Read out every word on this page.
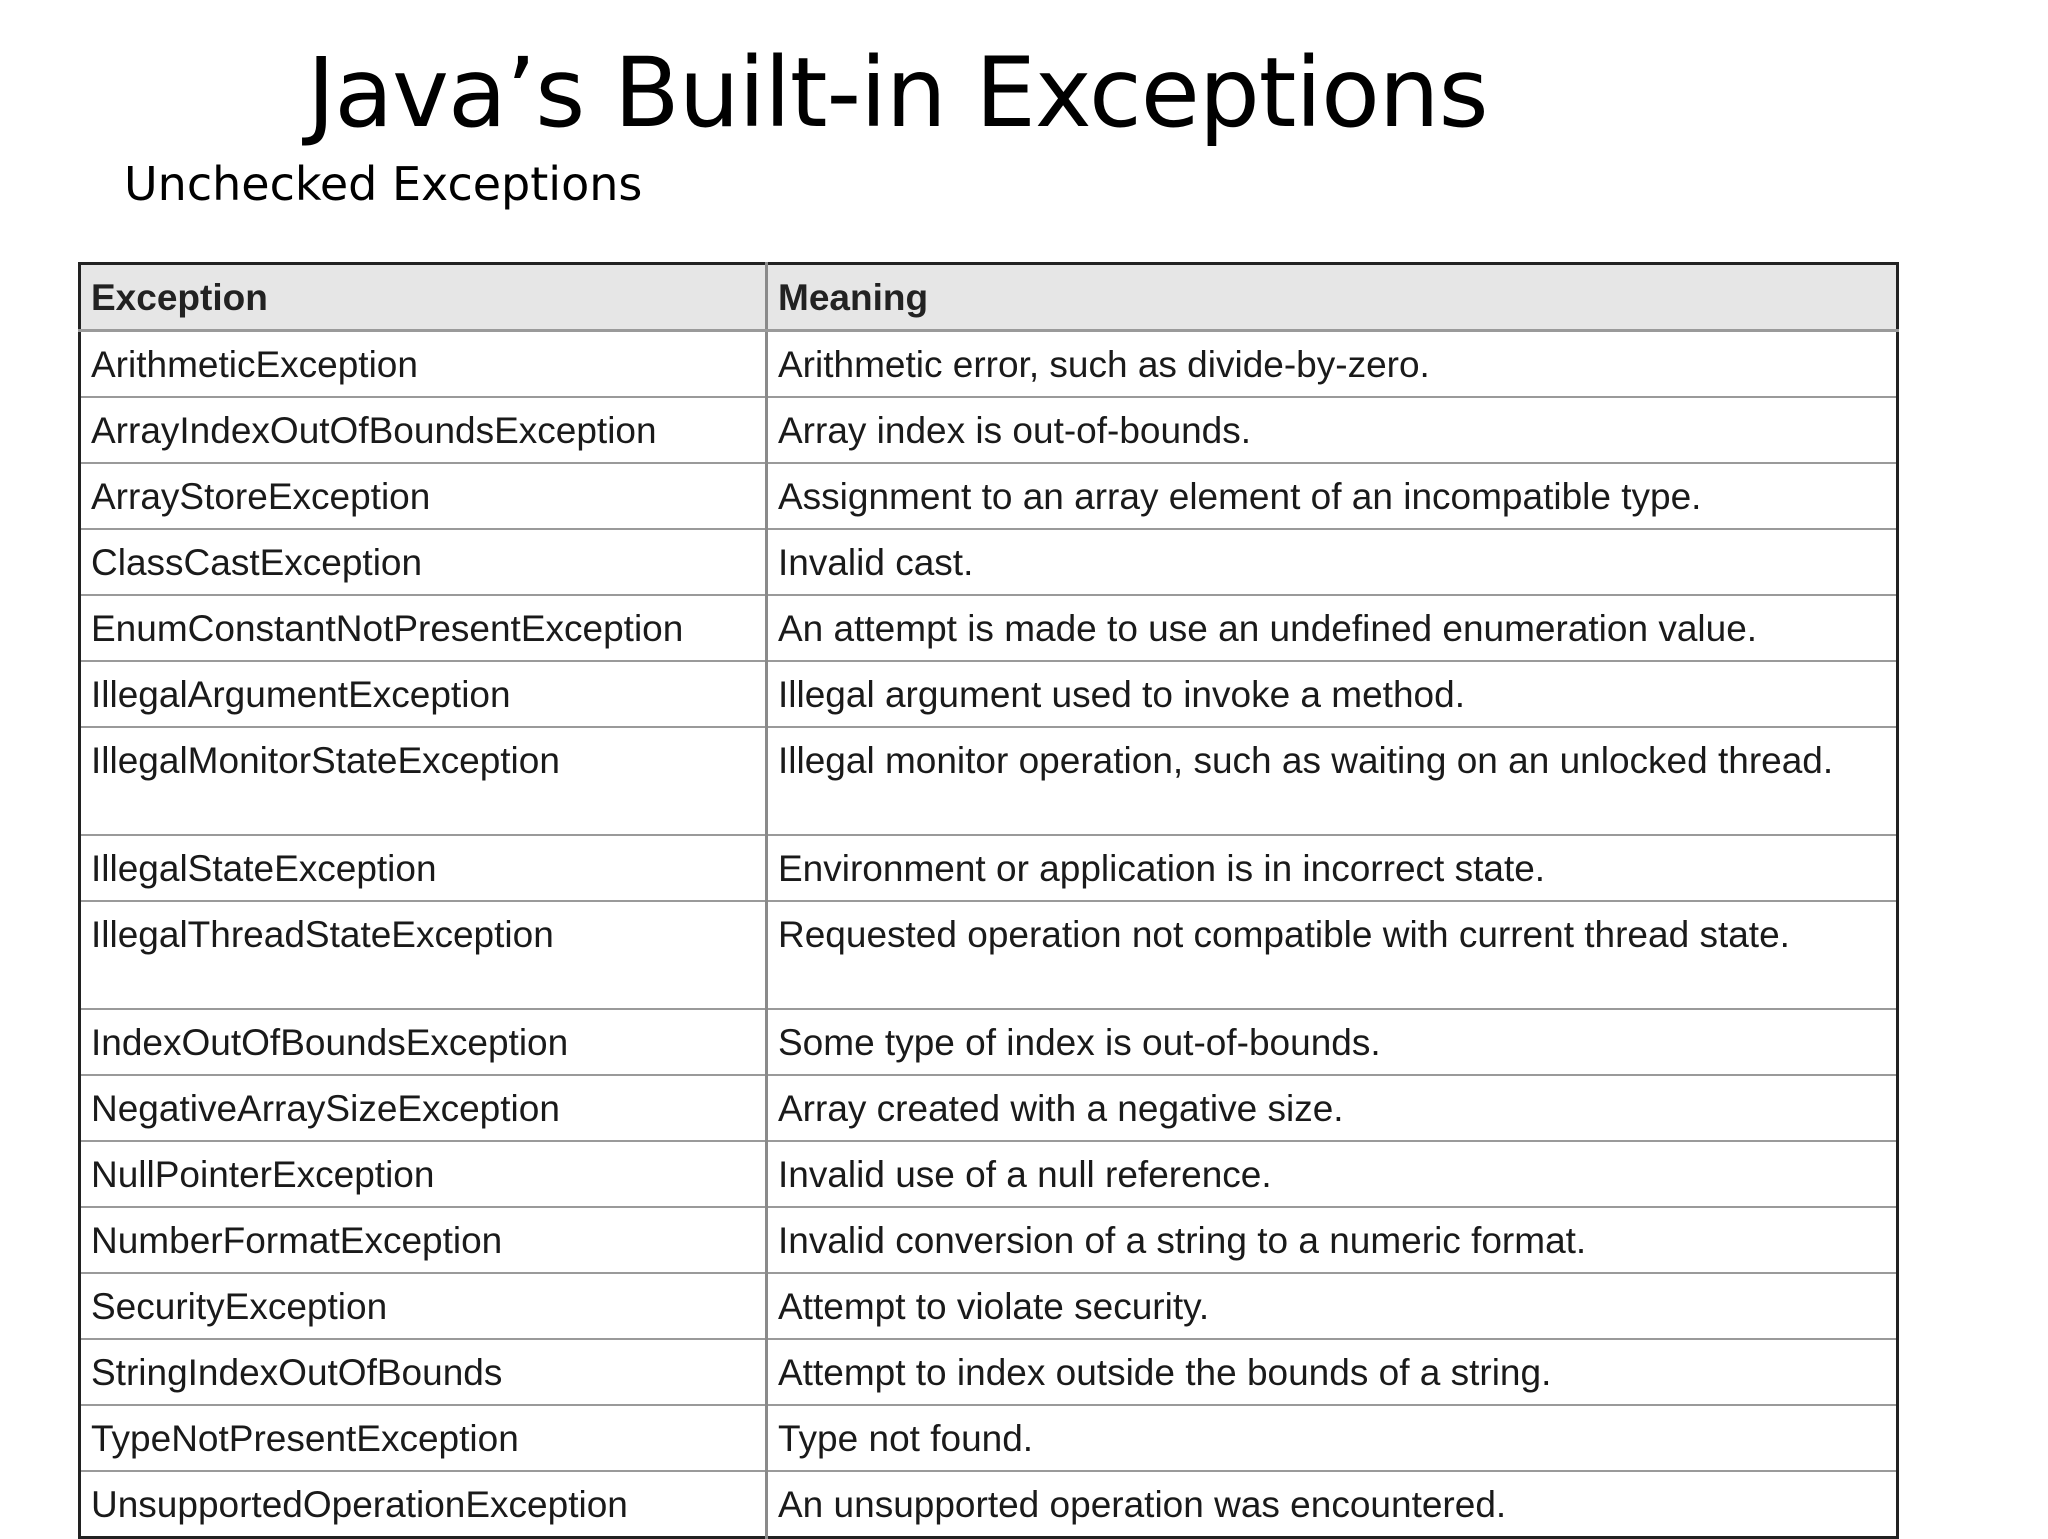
Java’s Built-in Exceptions

Unchecked Exceptions

Exception	Meaning
ArithmeticException	Arithmetic error, such as divide-by-zero.
ArrayIndexOutOfBoundsException	Array index is out-of-bounds.
ArrayStoreException	Assignment to an array element of an incompatible type.
ClassCastException	Invalid cast.
EnumConstantNotPresentException	An attempt is made to use an undefined enumeration value.
IllegalArgumentException	Illegal argument used to invoke a method.
IllegalMonitorStateException	Illegal monitor operation, such as waiting on an unlocked thread.
IllegalStateException	Environment or application is in incorrect state.
IllegalThreadStateException	Requested operation not compatible with current thread state.
IndexOutOfBoundsException	Some type of index is out-of-bounds.
NegativeArraySizeException	Array created with a negative size.
NullPointerException	Invalid use of a null reference.
NumberFormatException	Invalid conversion of a string to a numeric format.
SecurityException	Attempt to violate security.
StringIndexOutOfBounds	Attempt to index outside the bounds of a string.
TypeNotPresentException	Type not found.
UnsupportedOperationException	An unsupported operation was encountered.
